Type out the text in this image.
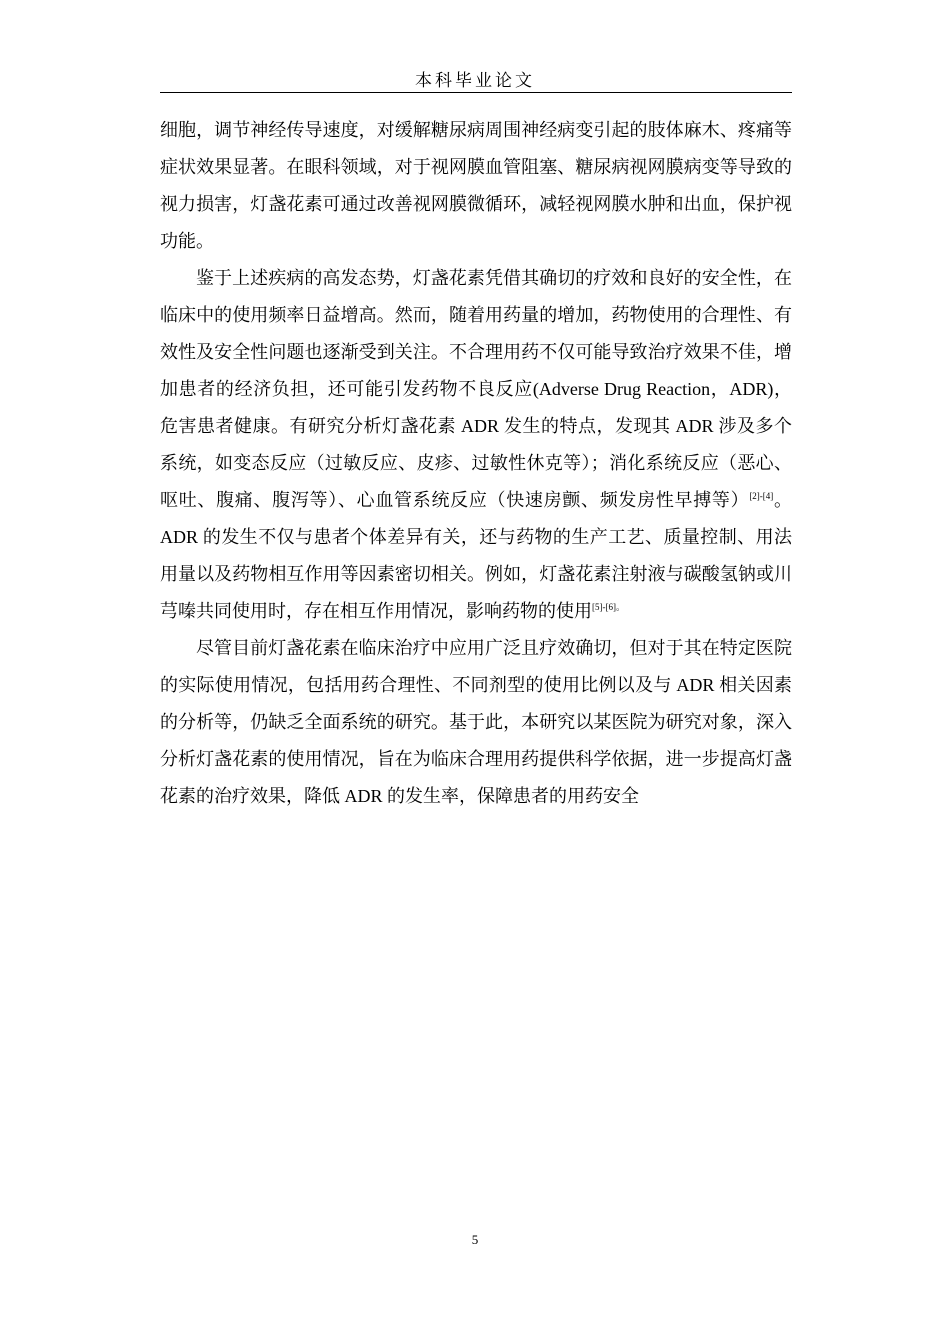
本科毕业论文

细胞，调节神经传导速度，对缓解糖尿病周围神经病变引起的肢体麻木、疼痛等症状效果显著。在眼科领域，对于视网膜血管阻塞、糖尿病视网膜病变等导致的视力损害，灯盏花素可通过改善视网膜微循环，减轻视网膜水肿和出血，保护视功能。

鉴于上述疾病的高发态势，灯盏花素凭借其确切的疗效和良好的安全性，在临床中的使用频率日益增高。然而，随着用药量的增加，药物使用的合理性、有效性及安全性问题也逐渐受到关注。不合理用药不仅可能导致治疗效果不佳，增加患者的经济负担，还可能引发药物不良反应(Adverse Drug Reaction，ADR)，危害患者健康。有研究分析灯盏花素 ADR 发生的特点，发现其 ADR 涉及多个系统，如变态反应（过敏反应、皮疹、过敏性休克等）；消化系统反应（恶心、呕吐、腹痛、腹泻等）、心血管系统反应（快速房颤、频发房性早搏等）[2]-[4]。ADR 的发生不仅与患者个体差异有关，还与药物的生产工艺、质量控制、用法用量以及药物相互作用等因素密切相关。例如，灯盏花素注射液与碳酸氢钠或川芎嗪共同使用时，存在相互作用情况，影响药物的使用$^{[5]-[6]。}$

尽管目前灯盏花素在临床治疗中应用广泛且疗效确切，但对于其在特定医院的实际使用情况，包括用药合理性、不同剂型的使用比例以及与 ADR 相关因素的分析等，仍缺乏全面系统的研究。基于此，本研究以某医院为研究对象，深入分析灯盏花素的使用情况，旨在为临床合理用药提供科学依据，进一步提高灯盏花素的治疗效果，降低 ADR 的发生率，保障患者的用药安全

5
